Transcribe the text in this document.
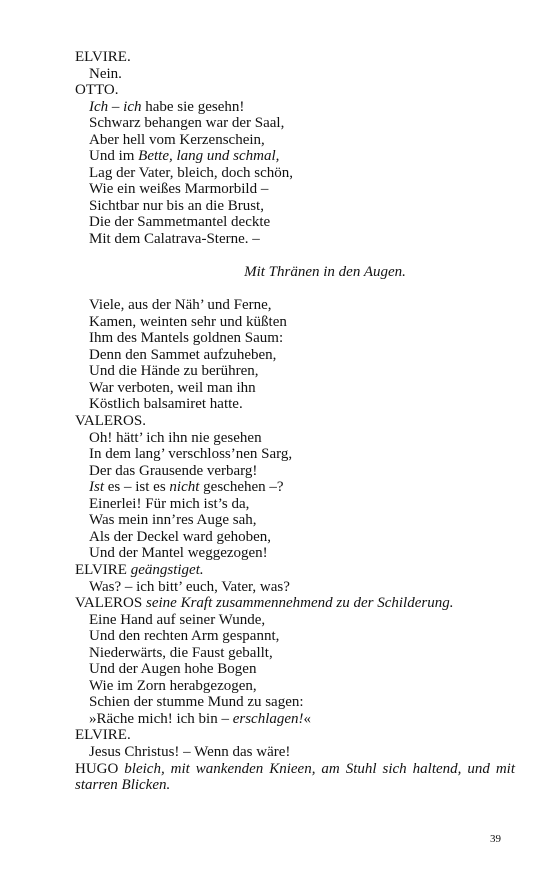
ELVIRE.
Nein.
OTTO.
Ich – ich habe sie gesehn!
Schwarz behangen war der Saal,
Aber hell vom Kerzenschein,
Und im Bette, lang und schmal,
Lag der Vater, bleich, doch schön,
Wie ein weißes Marmorbild –
Sichtbar nur bis an die Brust,
Die der Sammetmantel deckte
Mit dem Calatrava-Sterne. –
Mit Thränen in den Augen.
Viele, aus der Näh’ und Ferne,
Kamen, weinten sehr und küßten
Ihm des Mantels goldnen Saum:
Denn den Sammet aufzuheben,
Und die Hände zu berühren,
War verboten, weil man ihn
Köstlich balsamiret hatte.
VALEROS.
Oh! hätt’ ich ihn nie gesehen
In dem lang’ verschloss’nen Sarg,
Der das Grausende verbarg!
Ist es – ist es nicht geschehen –?
Einerlei! Für mich ist’s da,
Was mein inn’res Auge sah,
Als der Deckel ward gehoben,
Und der Mantel weggezogen!
ELVIRE geängstiget.
Was? – ich bitt’ euch, Vater, was?
VALEROS seine Kraft zusammennehmend zu der Schilderung.
Eine Hand auf seiner Wunde,
Und den rechten Arm gespannt,
Niederwärts, die Faust geballt,
Und der Augen hohe Bogen
Wie im Zorn herabgezogen,
Schien der stumme Mund zu sagen:
»Räche mich! ich bin – erschlagen!«
ELVIRE.
Jesus Christus! – Wenn das wäre!
HUGO bleich, mit wankenden Knieen, am Stuhl sich haltend, und mit starren Blicken.
39
